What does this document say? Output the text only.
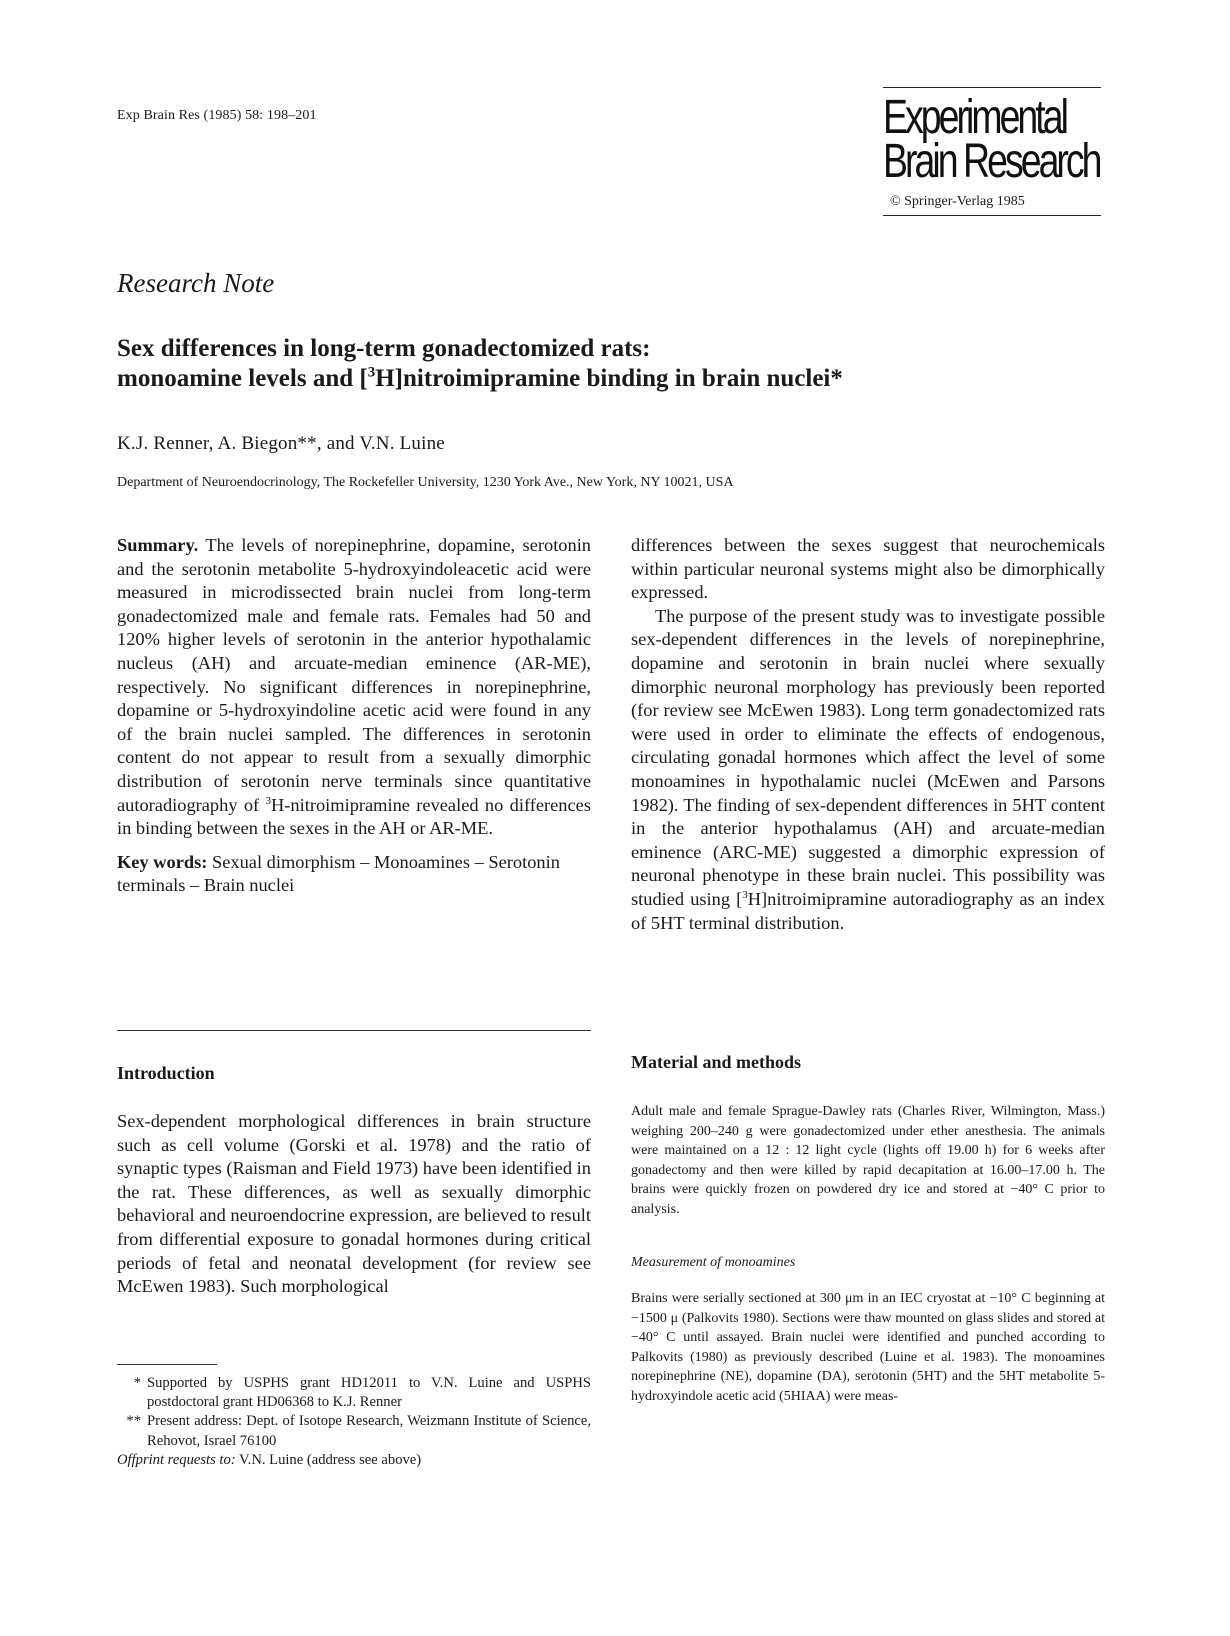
Exp Brain Res (1985) 58: 198–201	Experimental
Brain Research
© Springer-Verlag 1985
Research Note
Sex differences in long-term gonadectomized rats:
monoamine levels and [$^3$H]nitroimipramine binding in brain nuclei*
K.J. Renner, A. Biegon**, and V.N. Luine
Department of Neuroendocrinology, The Rockefeller University, 1230 York Ave., New York, NY 10021, USA

Summary. The levels of norepinephrine, dopamine, serotonin and the serotonin metabolite 5-hydroxyindoleacetic acid were measured in microdissected brain nuclei from long-term gonadectomized male and female rats. Females had 50 and 120% higher levels of serotonin in the anterior hypothalamic nucleus (AH) and arcuate-median eminence (AR-ME), respectively. No significant differences in norepinephrine, dopamine or 5-hydroxyindoline acetic acid were found in any of the brain nuclei sampled. The differences in serotonin content do not appear to result from a sexually dimorphic distribution of serotonin nerve terminals since quantitative autoradiography of $^3$H-nitroimipramine revealed no differences in binding between the sexes in the AH or AR-ME.

Key words: Sexual dimorphism – Monoamines – Serotonin terminals – Brain nuclei

Introduction

Sex-dependent morphological differences in brain structure such as cell volume (Gorski et al. 1978) and the ratio of synaptic types (Raisman and Field 1973) have been identified in the rat. These differences, as well as sexually dimorphic behavioral and neuroendocrine expression, are believed to result from differential exposure to gonadal hormones during critical periods of fetal and neonatal development (for review see McEwen 1983). Such morphological

* Supported by USPHS grant HD12011 to V.N. Luine and USPHS postdoctoral grant HD06368 to K.J. Renner
** Present address: Dept. of Isotope Research, Weizmann Institute of Science, Rehovot, Israel 76100
Offprint requests to: V.N. Luine (address see above)

differences between the sexes suggest that neurochemicals within particular neuronal systems might also be dimorphically expressed.

The purpose of the present study was to investigate possible sex-dependent differences in the levels of norepinephrine, dopamine and serotonin in brain nuclei where sexually dimorphic neuronal morphology has previously been reported (for review see McEwen 1983). Long term gonadectomized rats were used in order to eliminate the effects of endogenous, circulating gonadal hormones which affect the level of some monoamines in hypothalamic nuclei (McEwen and Parsons 1982). The finding of sex-dependent differences in 5HT content in the anterior hypothalamus (AH) and arcuate-median eminence (ARC-ME) suggested a dimorphic expression of neuronal phenotype in these brain nuclei. This possibility was studied using [$^3$H]nitroimipramine autoradiography as an index of 5HT terminal distribution.

Material and methods

Adult male and female Sprague-Dawley rats (Charles River, Wilmington, Mass.) weighing 200–240 g were gonadectomized under ether anesthesia. The animals were maintained on a 12 : 12 light cycle (lights off 19.00 h) for 6 weeks after gonadectomy and then were killed by rapid decapitation at 16.00–17.00 h. The brains were quickly frozen on powdered dry ice and stored at −40° C prior to analysis.

Measurement of monoamines

Brains were serially sectioned at 300 μm in an IEC cryostat at −10° C beginning at −1500 μ (Palkovits 1980). Sections were thaw mounted on glass slides and stored at −40° C until assayed. Brain nuclei were identified and punched according to Palkovits (1980) as previously described (Luine et al. 1983). The monoamines norepinephrine (NE), dopamine (DA), serotonin (5HT) and the 5HT metabolite 5-hydroxyindole acetic acid (5HIAA) were meas-
